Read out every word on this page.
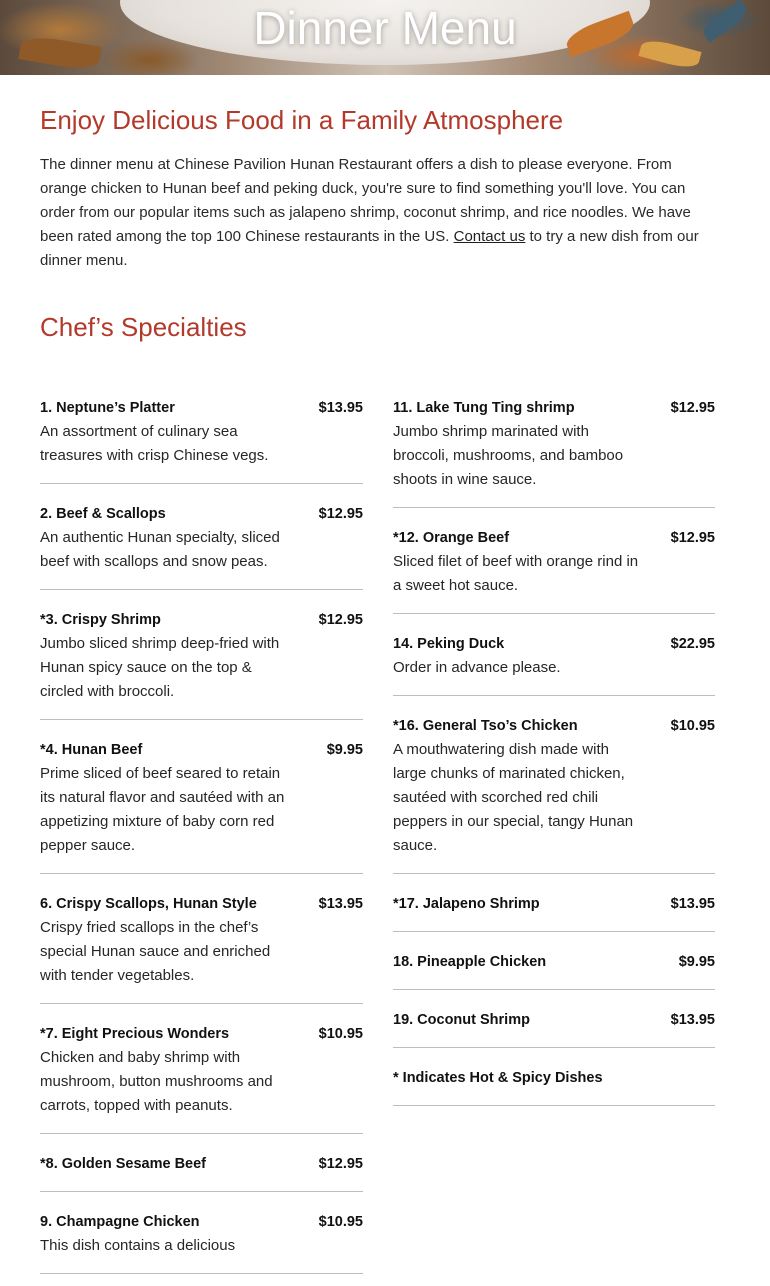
Dinner Menu
Enjoy Delicious Food in a Family Atmosphere

The dinner menu at Chinese Pavilion Hunan Restaurant offers a dish to please everyone. From orange chicken to Hunan beef and peking duck, you're sure to find something you'll love. You can order from our popular items such as jalapeno shrimp, coconut shrimp, and rice noodles. We have been rated among the top 100 Chinese restaurants in the US. Contact us to try a new dish from our dinner menu.

Chef’s Specialties
1. Neptune’s Platter	$13.95
An assortment of culinary sea treasures with crisp Chinese vegs.
2. Beef & Scallops	$12.95
An authentic Hunan specialty, sliced beef with scallops and snow peas.
*3. Crispy Shrimp	$12.95
Jumbo sliced shrimp deep-fried with Hunan spicy sauce on the top & circled with broccoli.
*4. Hunan Beef	$9.95
Prime sliced of beef seared to retain its natural flavor and sautéed with an appetizing mixture of baby corn red pepper sauce.
6. Crispy Scallops, Hunan Style	$13.95
Crispy fried scallops in the chef’s special Hunan sauce and enriched with tender vegetables.
*7. Eight Precious Wonders	$10.95
Chicken and baby shrimp with mushroom, button mushrooms and carrots, topped with peanuts.
*8. Golden Sesame Beef	$12.95
9. Champagne Chicken	$10.95
This dish contains a delicious
11. Lake Tung Ting shrimp	$12.95
Jumbo shrimp marinated with broccoli, mushrooms, and bamboo shoots in wine sauce.
*12. Orange Beef	$12.95
Sliced filet of beef with orange rind in a sweet hot sauce.
14. Peking Duck	$22.95
Order in advance please.
*16. General Tso’s Chicken	$10.95
A mouthwatering dish made with large chunks of marinated chicken, sautéed with scorched red chili peppers in our special, tangy Hunan sauce.
*17. Jalapeno Shrimp	$13.95
18. Pineapple Chicken	$9.95
19. Coconut Shrimp	$13.95
* Indicates Hot & Spicy Dishes
